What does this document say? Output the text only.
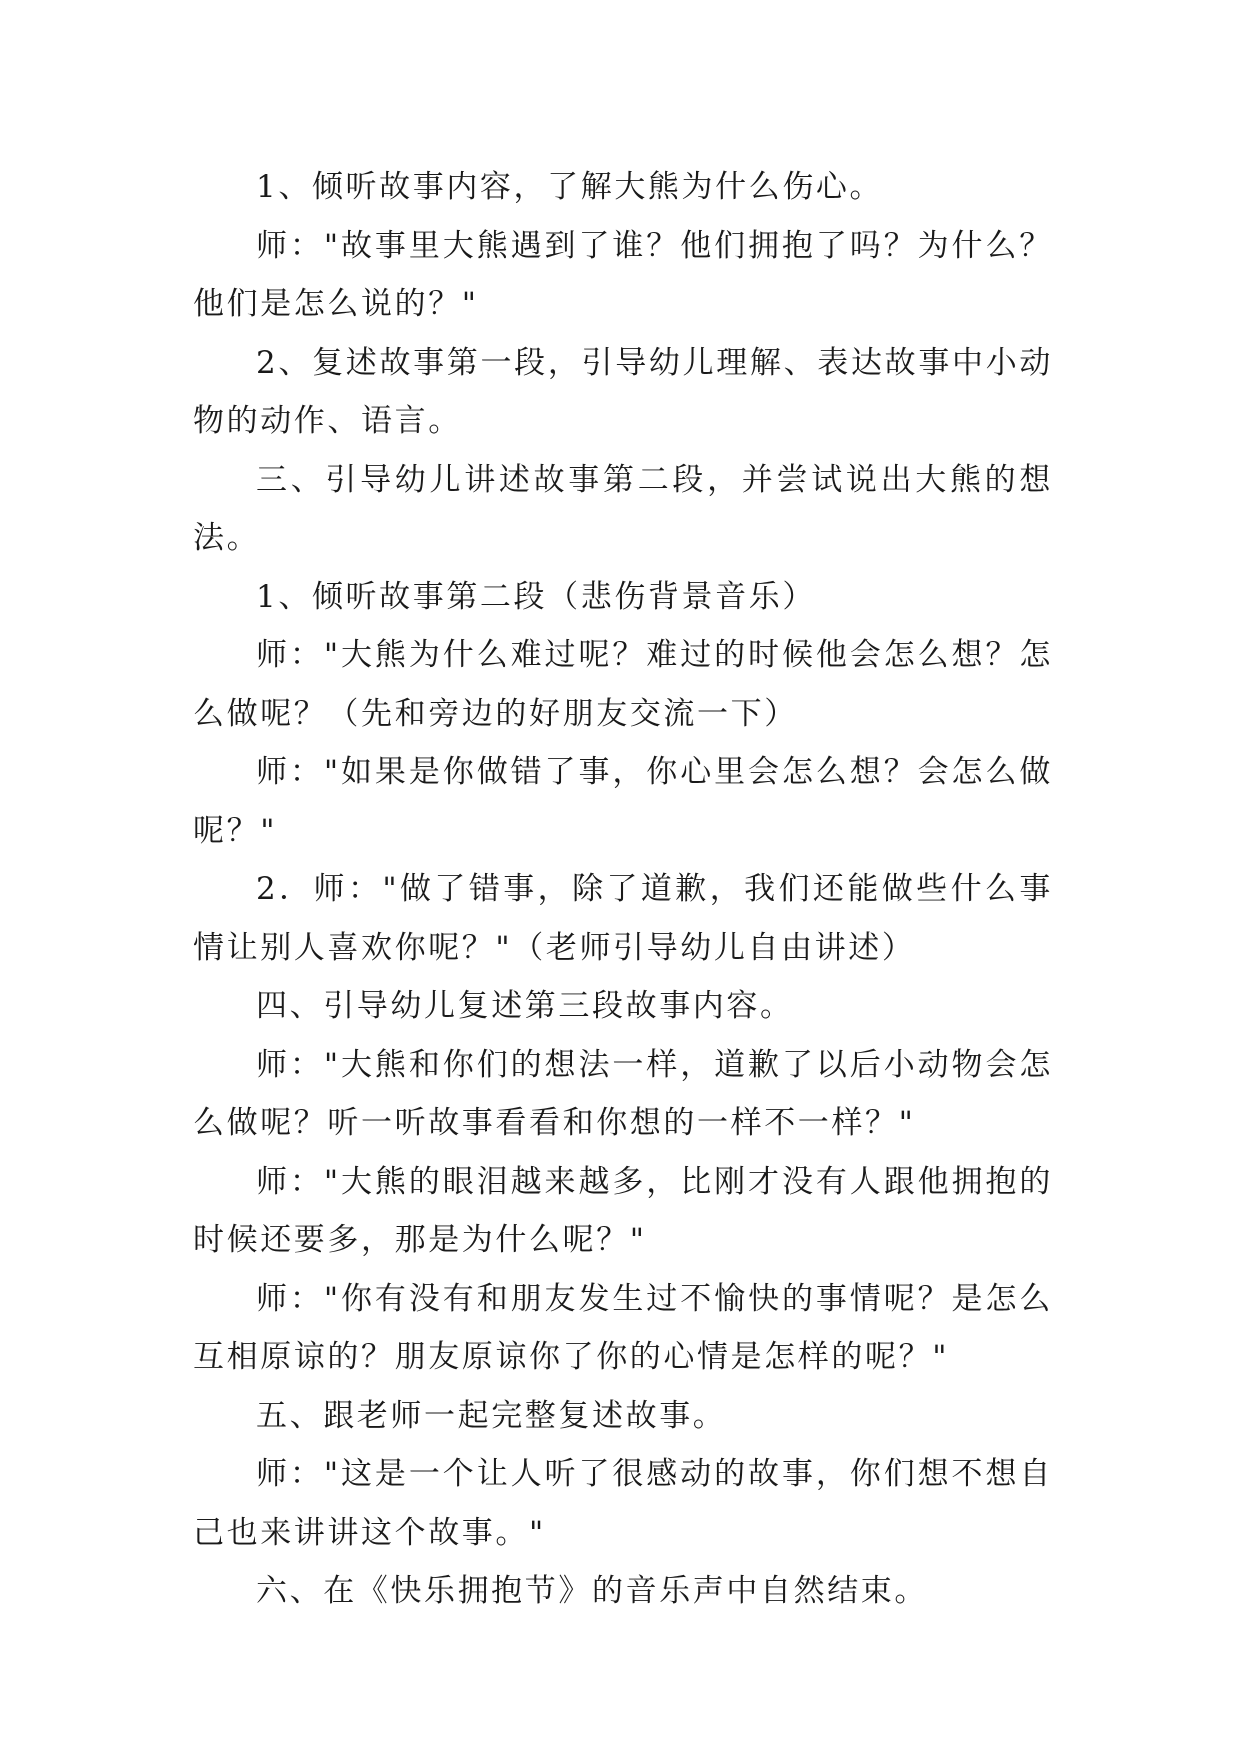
1、倾听故事内容，了解大熊为什么伤心。

师："故事里大熊遇到了谁？他们拥抱了吗？为什么？他们是怎么说的？"

2、复述故事第一段，引导幼儿理解、表达故事中小动物的动作、语言。

三、引导幼儿讲述故事第二段，并尝试说出大熊的想法。

1、倾听故事第二段（悲伤背景音乐）

师："大熊为什么难过呢？难过的时候他会怎么想？怎么做呢？（先和旁边的好朋友交流一下）

师："如果是你做错了事，你心里会怎么想？会怎么做呢？"

2．师："做了错事，除了道歉，我们还能做些什么事情让别人喜欢你呢？"（老师引导幼儿自由讲述）

四、引导幼儿复述第三段故事内容。

师："大熊和你们的想法一样，道歉了以后小动物会怎么做呢？听一听故事看看和你想的一样不一样？"

师："大熊的眼泪越来越多，比刚才没有人跟他拥抱的时候还要多，那是为什么呢？"

师："你有没有和朋友发生过不愉快的事情呢？是怎么互相原谅的？朋友原谅你了你的心情是怎样的呢？"

五、跟老师一起完整复述故事。

师："这是一个让人听了很感动的故事，你们想不想自己也来讲讲这个故事。"

六、在《快乐拥抱节》的音乐声中自然结束。
